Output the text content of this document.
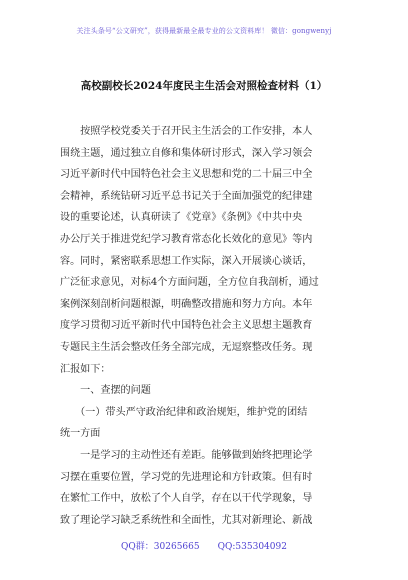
关注头条号“公文研究”，获得最新最全最专业的公文资料库！ 微信：gongwenyj
高校副校长2024年度民主生活会对照检查材料（1）
　　按照学校党委关于召开民主生活会的工作安排，本人
围绕主题，通过独立自修和集体研讨形式，深入学习领会
习近平新时代中国特色社会主义思想和党的二十届三中全
会精神，系统钻研习近平总书记关于全面加强党的纪律建
设的重要论述，认真研读了《党章》《条例》《中共中央
办公厅关于推进党纪学习教育常态化长效化的意见》等内
容。同时，紧密联系思想工作实际，深入开展谈心谈话，
广泛征求意见，对标4个方面问题，全方位自我剖析，通过
案例深刻剖析问题根源，明确整改措施和努力方向。本年
度学习贯彻习近平新时代中国特色社会主义思想主题教育
专题民主生活会整改任务全部完成，无逗察整改任务。现
汇报如下：
　　一、查摆的问题
　　（一）带头严守政治纪律和政治规矩，维护党的团结
统一方面
　　一是学习的主动性还有差距。能够做到始终把理论学
习摆在重要位置，学习党的先进理论和方针政策。但有时
在繁忙工作中，放松了个人自学，存在以干代学现象，导
致了理论学习缺乏系统性和全面性，尤其对新理论、新战
QQ群：30265665 QQ:535304092
